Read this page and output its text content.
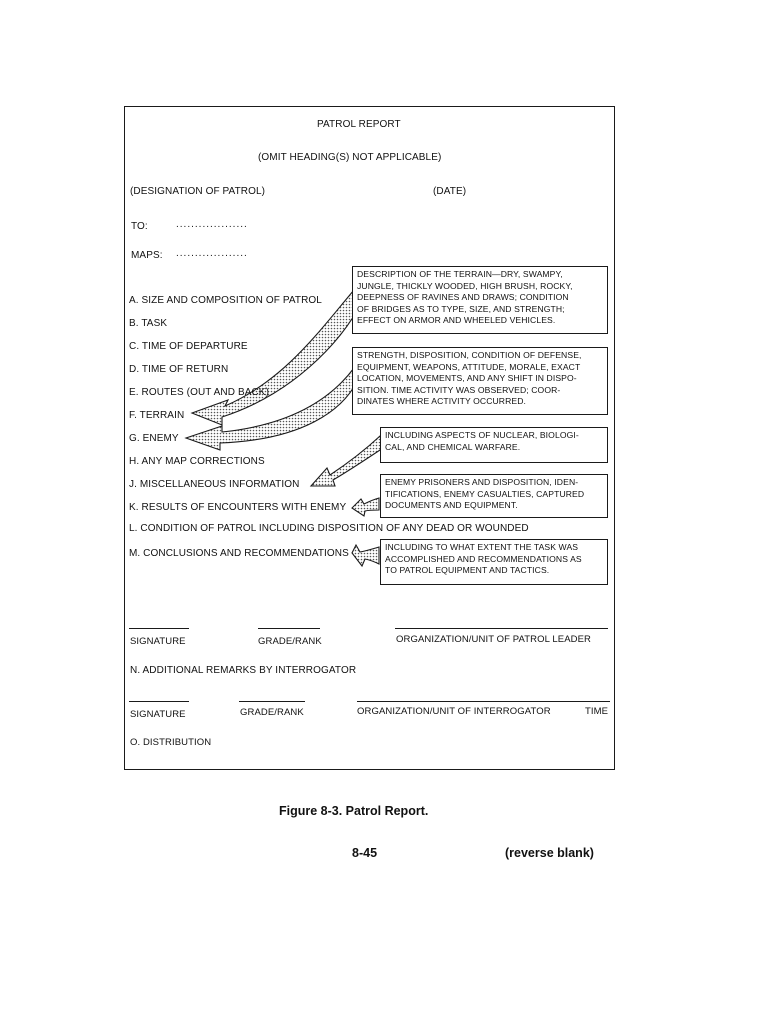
PATROL REPORT
(OMIT HEADING(S) NOT APPLICABLE)
(DESIGNATION OF PATROL)	(DATE)
TO:	...................
MAPS: ...................
A. SIZE AND COMPOSITION OF PATROL
B. TASK
C. TIME OF DEPARTURE
D. TIME OF RETURN
E. ROUTES (OUT AND BACK)
F. TERRAIN
G. ENEMY
H. ANY MAP CORRECTIONS
J. MISCELLANEOUS INFORMATION
K. RESULTS OF ENCOUNTERS WITH ENEMY
L. CONDITION OF PATROL INCLUDING DISPOSITION OF ANY DEAD OR WOUNDED
M. CONCLUSIONS AND RECOMMENDATIONS
DESCRIPTION OF THE TERRAIN—DRY, SWAMPY,
JUNGLE, THICKLY WOODED, HIGH BRUSH, ROCKY,
DEEPNESS OF RAVINES AND DRAWS; CONDITION
OF BRIDGES AS TO TYPE, SIZE, AND STRENGTH;
EFFECT ON ARMOR AND WHEELED VEHICLES.
STRENGTH, DISPOSITION, CONDITION OF DEFENSE,
EQUIPMENT, WEAPONS, ATTITUDE, MORALE, EXACT
LOCATION, MOVEMENTS, AND ANY SHIFT IN DISPO-
SITION. TIME ACTIVITY WAS OBSERVED; COOR-
DINATES WHERE ACTIVITY OCCURRED.
INCLUDING ASPECTS OF NUCLEAR, BIOLOGI-
CAL, AND CHEMICAL WARFARE.
ENEMY PRISONERS AND DISPOSITION, IDEN-
TIFICATIONS, ENEMY CASUALTIES, CAPTURED
DOCUMENTS AND EQUIPMENT.
INCLUDING TO WHAT EXTENT THE TASK WAS
ACCOMPLISHED AND RECOMMENDATIONS AS
TO PATROL EQUIPMENT AND TACTICS.
SIGNATURE	GRADE/RANK	ORGANIZATION/UNIT OF PATROL LEADER
N. ADDITIONAL REMARKS BY INTERROGATOR
SIGNATURE	GRADE/RANK	ORGANIZATION/UNIT OF INTERROGATOR	TIME
O. DISTRIBUTION
Figure 8-3. Patrol Report.
8-45	(reverse blank)
